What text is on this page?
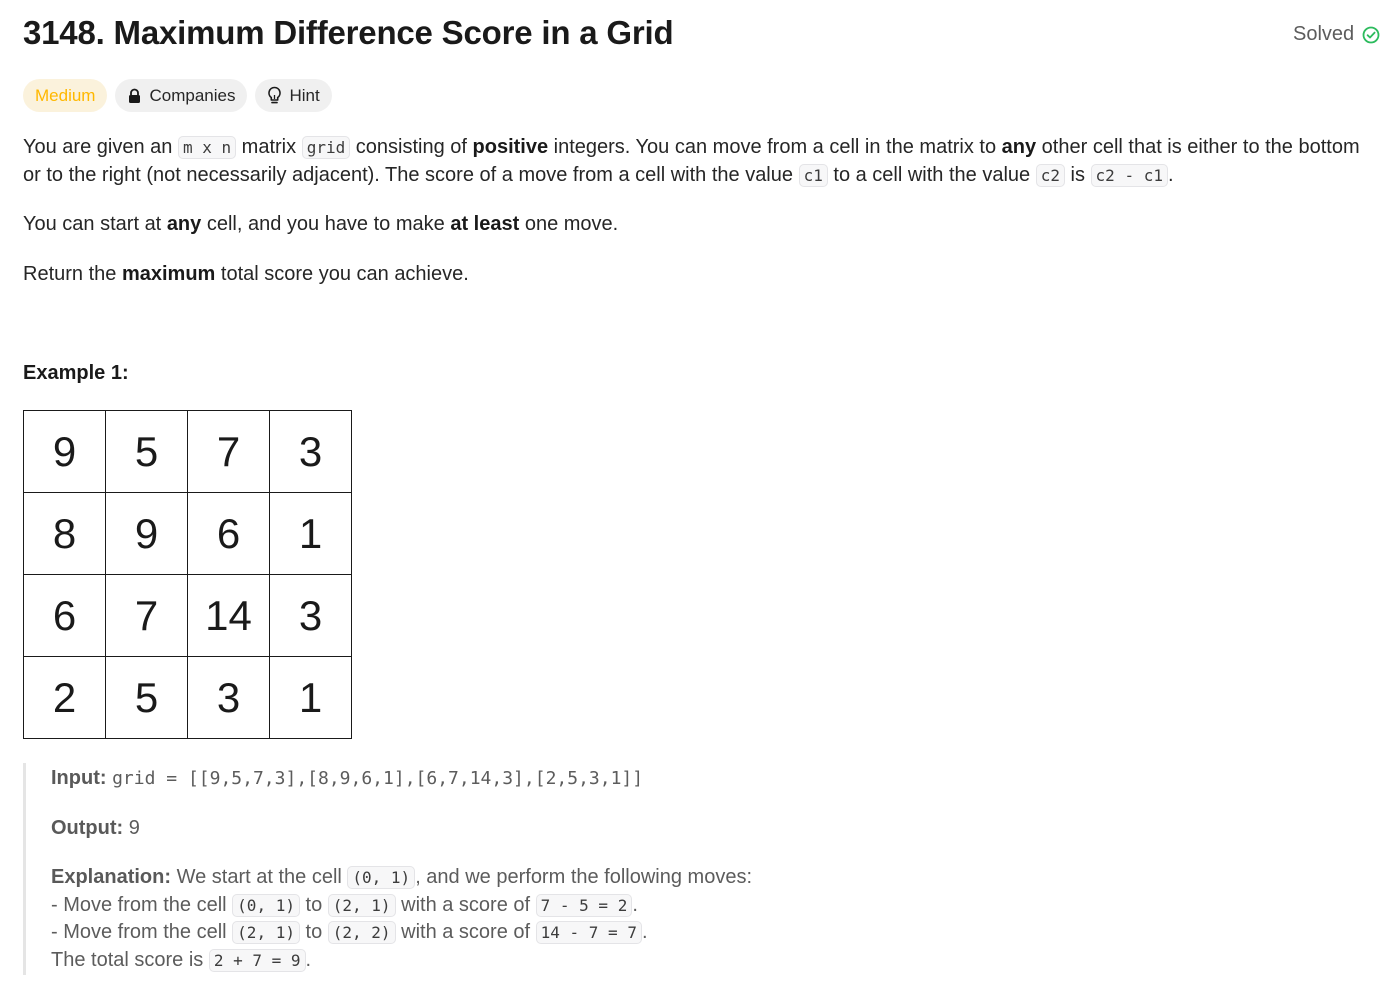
3148. Maximum Difference Score in a Grid	Solved
Medium	Companies	Hint

You are given an m x n matrix grid consisting of positive integers. You can move from a cell in the matrix to any other cell that is either to the bottom or to the right (not necessarily adjacent). The score of a move from a cell with the value c1 to a cell with the value c2 is c2 - c1 .

You can start at any cell, and you have to make at least one move.

Return the maximum total score you can achieve.

Example 1:
9	5	7	3
8	9	6	1
6	7	14	3
2	5	3	1
Input: grid = [[9,5,7,3],[8,9,6,1],[6,7,14,3],[2,5,3,1]]
Output: 9
Explanation: We start at the cell (0, 1) , and we perform the following moves:
- Move from the cell (0, 1) to (2, 1) with a score of 7 - 5 = 2 .
- Move from the cell (2, 1) to (2, 2) with a score of 14 - 7 = 7 .
The total score is 2 + 7 = 9 .
